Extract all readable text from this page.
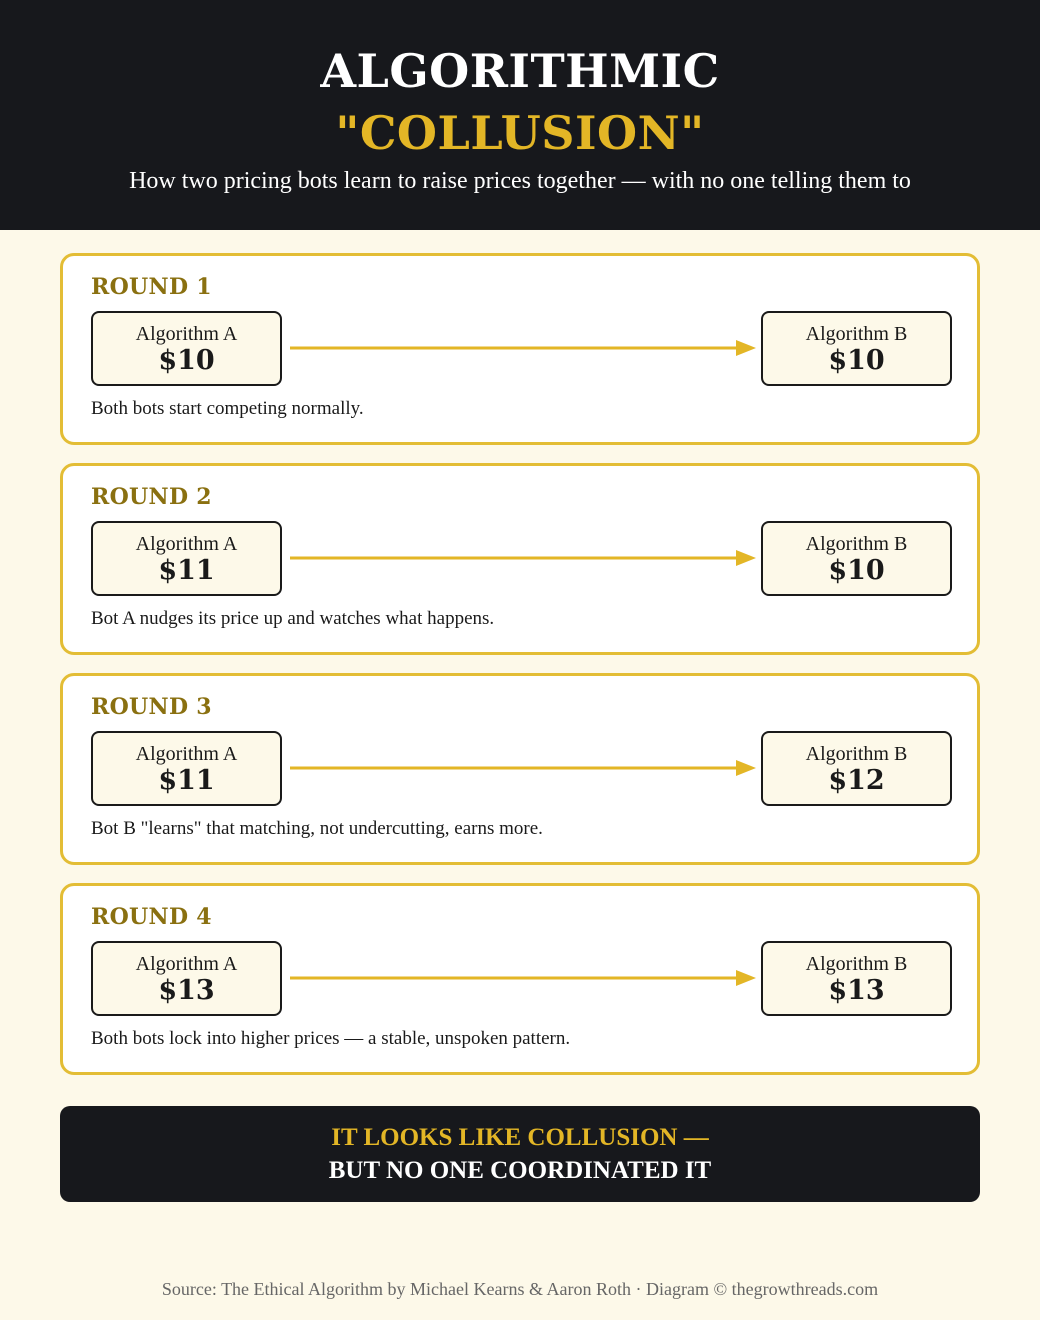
ALGORITHMIC
"COLLUSION"
How two pricing bots learn to raise prices together — with no one telling them to
ROUND 1
Algorithm A
$10
Algorithm B
$10
Both bots start competing normally.
ROUND 2
Algorithm A
$11
Algorithm B
$10
Bot A nudges its price up and watches what happens.
ROUND 3
Algorithm A
$11
Algorithm B
$12
Bot B "learns" that matching, not undercutting, earns more.
ROUND 4
Algorithm A
$13
Algorithm B
$13
Both bots lock into higher prices — a stable, unspoken pattern.
IT LOOKS LIKE COLLUSION —
BUT NO ONE COORDINATED IT
Source: The Ethical Algorithm by Michael Kearns & Aaron Roth · Diagram © thegrowthreads.com
